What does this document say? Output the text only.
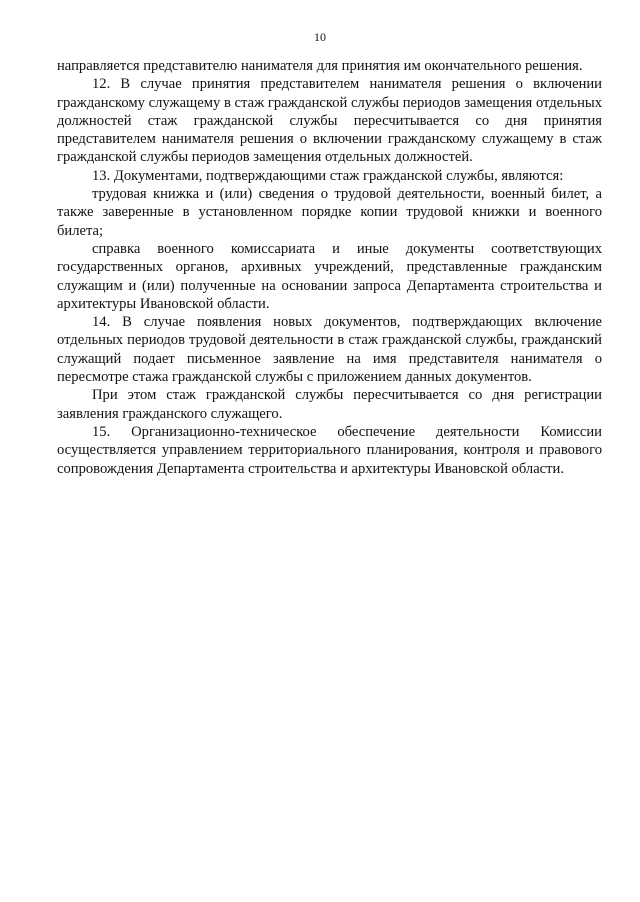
10

направляется представителю нанимателя для принятия им окончательного решения.

12. В случае принятия представителем нанимателя решения о включении гражданскому служащему в стаж гражданской службы периодов замещения отдельных должностей стаж гражданской службы пересчитывается со дня принятия представителем нанимателя решения о включении гражданскому служащему в стаж гражданской службы периодов замещения отдельных должностей.

13. Документами, подтверждающими стаж гражданской службы, являются:

трудовая книжка и (или) сведения о трудовой деятельности, военный билет, а также заверенные в установленном порядке копии трудовой книжки и военного билета;

справка военного комиссариата и иные документы соответствующих государственных органов, архивных учреждений, представленные гражданским служащим и (или) полученные на основании запроса Департамента строительства и архитектуры Ивановской области.

14. В случае появления новых документов, подтверждающих включение отдельных периодов трудовой деятельности в стаж гражданской службы, гражданский служащий подает письменное заявление на имя представителя нанимателя о пересмотре стажа гражданской службы с приложением данных документов.

При этом стаж гражданской службы пересчитывается со дня регистрации заявления гражданского служащего.

15. Организационно-техническое обеспечение деятельности Комиссии осуществляется управлением территориального планирования, контроля и правового сопровождения Департамента строительства и архитектуры Ивановской области.
